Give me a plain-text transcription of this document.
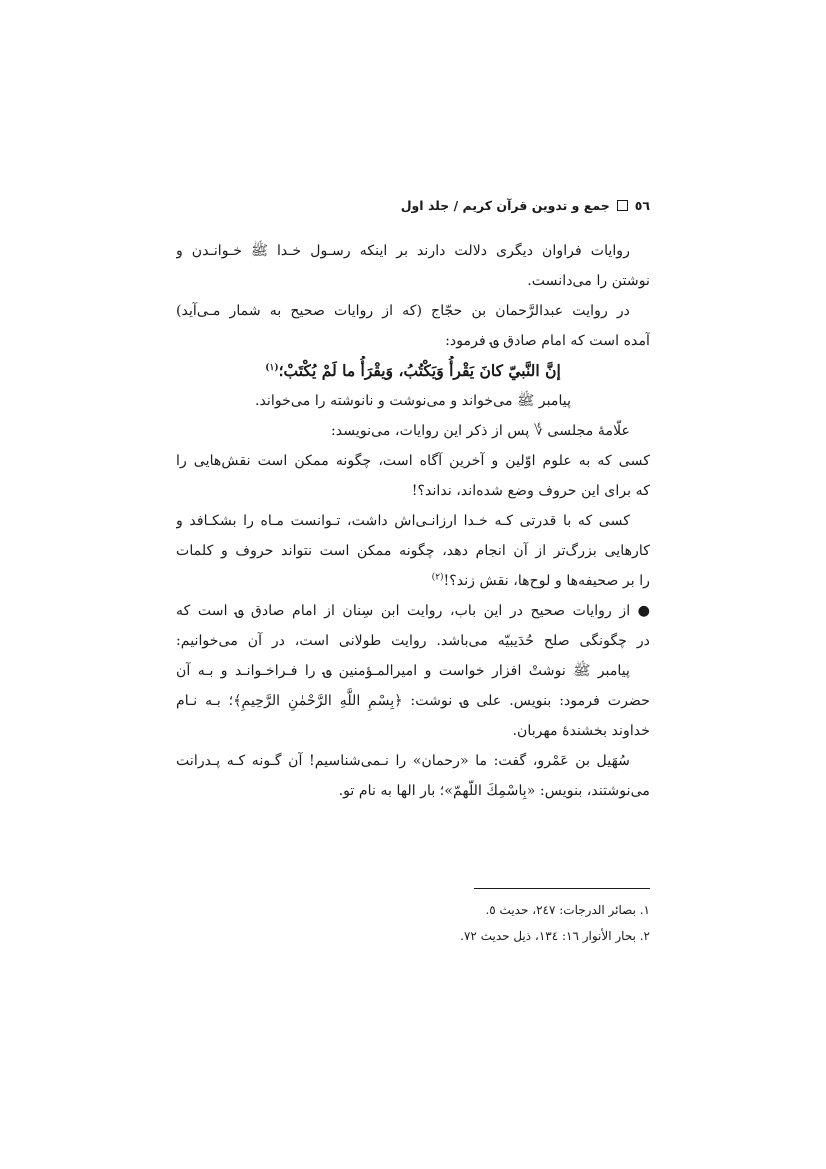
٥٦
جمع و تدوين قرآن كريم / جلد اول
روايات فراوان ديگرى دلالت دارند بر اينكه رسـول خـدا ﷺ خـوانـدن و
نوشتن را مى‌دانست.
در روايت عبدالرَّحمان بن حجّاج (كه از روايات صحيح به شمار مـى‌آيد)
آمده است كه امام صادق ؈ فرمود:
إنَّ النَّبيّ كانَ يَقْرأُ وَيَكْتُبُ، وَيقْرَأُ ما لَمْ يُكْتَبْ؛$^{(١)}$
پيامبر ﷺ مى‌خواند و مى‌نوشت و نانوشته را مى‌خواند.
علّامهٔ مجلسى ؇ پس از ذكر اين روايات، مى‌نويسد:
كسى كه به علوم اوّلين و آخرين آگاه است، چگونه ممكن است نقش‌هايى را
كه براى اين حروف وضع شده‌اند، نداند؟!
كسى كه با قدرتى كـه خـدا ارزانـى‌اش داشت، تـوانست مـاه را بشكـافد و
كارهايى بزرگ‌تر از آن انجام دهد، چگونه ممكن است نتواند حروف و كلمات
را بر صحيفه‌ها و لوح‌ها، نقش زند؟!$^{(٢)}$
● از روايات صحيح در اين باب، روايت ابن سِنان از امام صادق ؈ است كه
در چگونگى صلح حُدَيبيّه مى‌باشد. روايت طولانى است، در آن مى‌خوانيم:
پيامبر ﷺ نوشتْ افزار خواست و اميرالمـؤمنين ؈ را فـراخـوانـد و بـه آن
حضرت فرمود: بنويس. على ؈ نوشت: ﴿بِسْمِ اللَّهِ الرَّحْمٰنِ الرَّحِيمِ﴾؛ بـه نـام
خداوند بخشندهٔ مهربان.
سُهَيل بن عَمْرو، گفت: ما «رحمان» را نـمى‌شناسيم! آن گـونه كـه پـدرانت
مى‌نوشتند، بنويس: «بِاسْمِكَ اللّهمّ»؛ بار الها به نام تو.
١. بصائر الدرجات: ٢٤٧، حديث ٥.
٢. بحار الأنوار ١٦: ١٣٤، ذيل حديث ٧٢.
